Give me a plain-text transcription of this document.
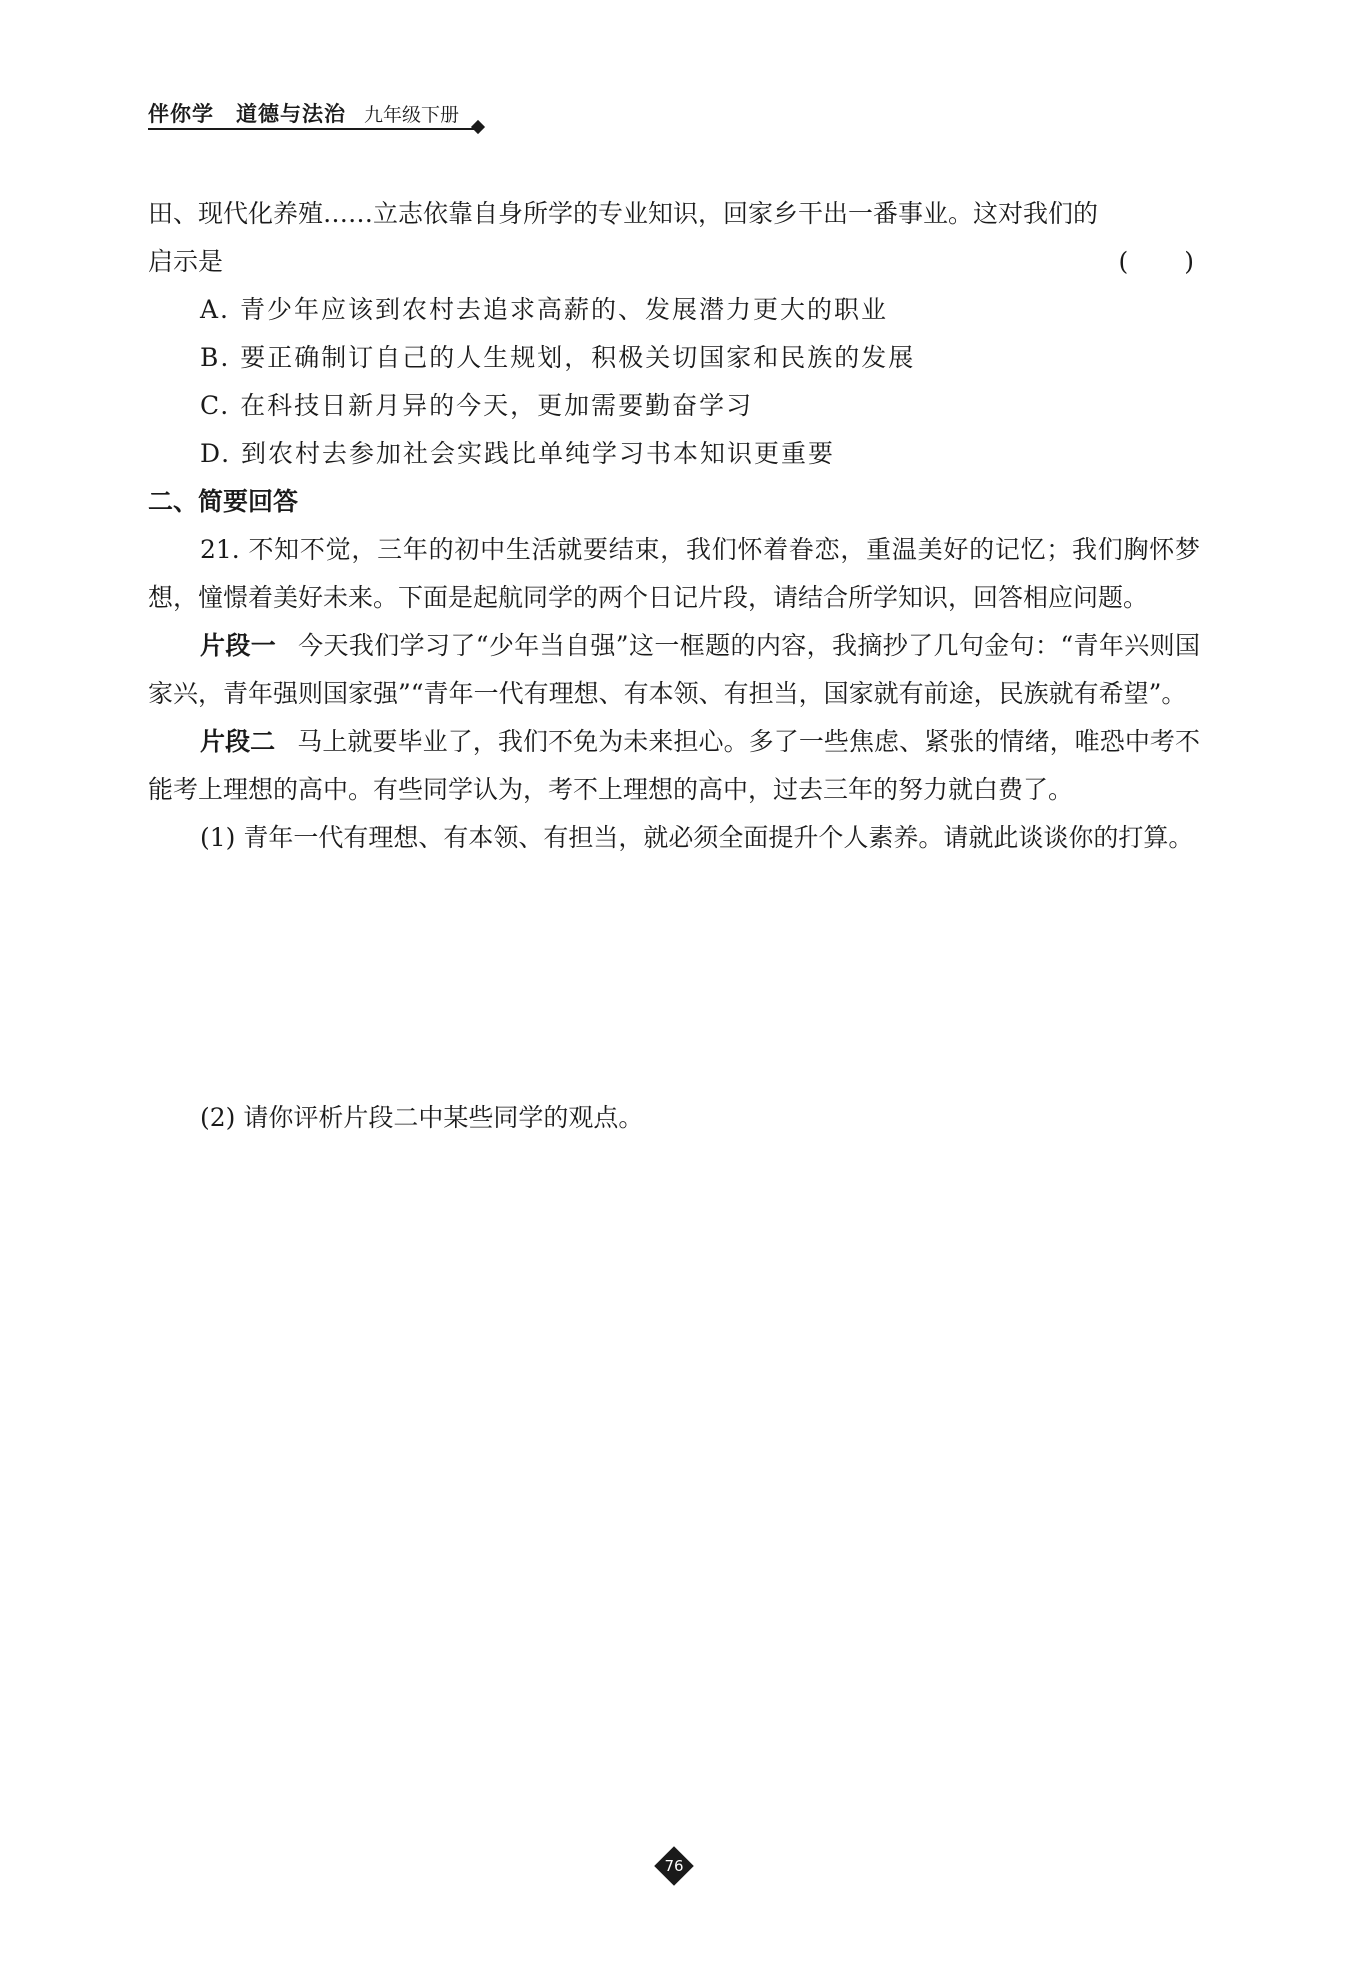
伴你学 道德与法治 九年级下册

田、现代化养殖……立志依靠自身所学的专业知识，回家乡干出一番事业。这对我们的

启示是	(　　)

A. 青少年应该到农村去追求高薪的、发展潜力更大的职业

B. 要正确制订自己的人生规划，积极关切国家和民族的发展

C. 在科技日新月异的今天，更加需要勤奋学习

D. 到农村去参加社会实践比单纯学习书本知识更重要

二、简要回答

21. 不知不觉，三年的初中生活就要结束，我们怀着眷恋，重温美好的记忆；我们胸怀梦想，憧憬着美好未来。下面是起航同学的两个日记片段，请结合所学知识，回答相应问题。

片段一 今天我们学习了“少年当自强”这一框题的内容，我摘抄了几句金句：“青年兴则国家兴，青年强则国家强”“青年一代有理想、有本领、有担当，国家就有前途，民族就有希望”。

片段二 马上就要毕业了，我们不免为未来担心。多了一些焦虑、紧张的情绪，唯恐中考不能考上理想的高中。有些同学认为，考不上理想的高中，过去三年的努力就白费了。

(1) 青年一代有理想、有本领、有担当，就必须全面提升个人素养。请就此谈谈你的打算。

(2) 请你评析片段二中某些同学的观点。

76
